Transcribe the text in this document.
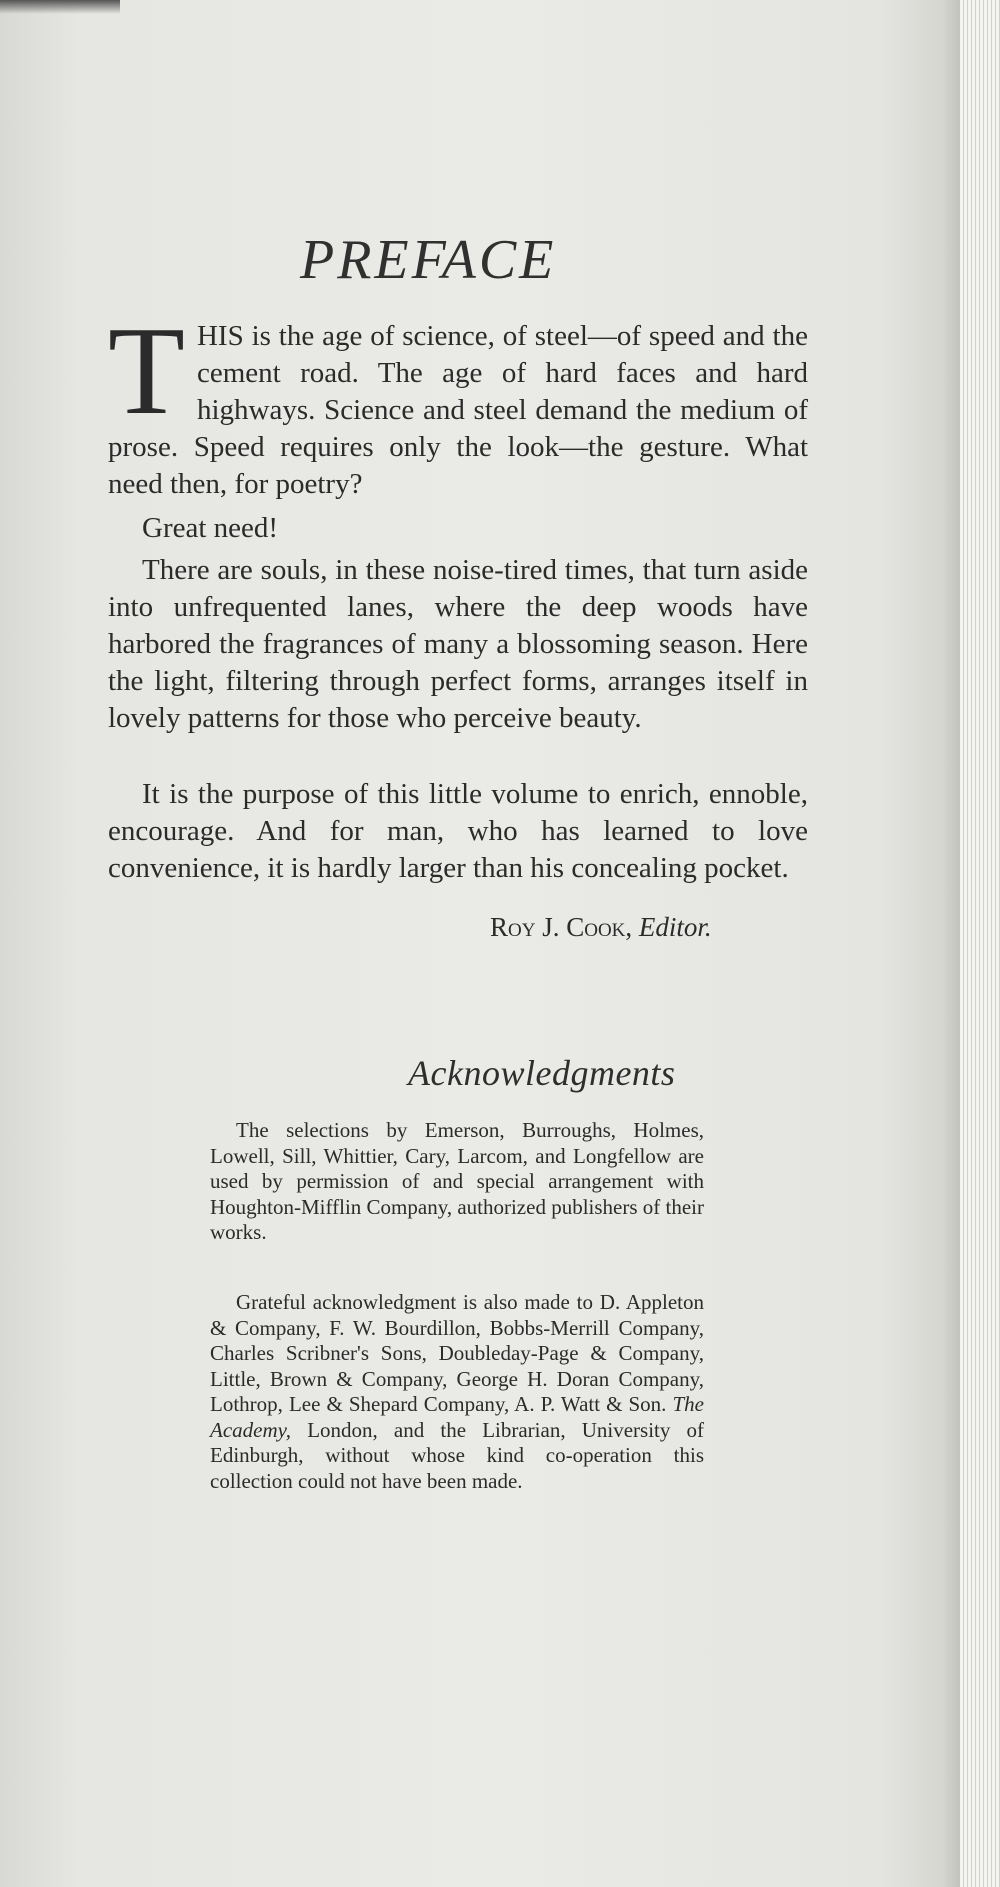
PREFACE
THIS is the age of science, of steel—of speed and the cement road. The age of hard faces and hard highways. Science and steel demand the medium of prose. Speed requires only the look—the gesture. What need then, for poetry?

Great need!

There are souls, in these noise-tired times, that turn aside into unfrequented lanes, where the deep woods have harbored the fragrances of many a blossoming season. Here the light, filtering through perfect forms, arranges itself in lovely patterns for those who perceive beauty.

It is the purpose of this little volume to enrich, ennoble, encourage. And for man, who has learned to love convenience, it is hardly larger than his concealing pocket.

Roy J. Cook, Editor.
Acknowledgments

The selections by Emerson, Burroughs, Holmes, Lowell, Sill, Whittier, Cary, Larcom, and Longfellow are used by permission of and special arrangement with Houghton-Mifflin Company, authorized publishers of their works.

Grateful acknowledgment is also made to D. Appleton & Company, F. W. Bourdillon, Bobbs-Merrill Company, Charles Scribner's Sons, Doubleday-Page & Company, Little, Brown & Company, George H. Doran Company, Lothrop, Lee & Shepard Company, A. P. Watt & Son. The Academy, London, and the Librarian, University of Edinburgh, without whose kind co-operation this collection could not have been made.
